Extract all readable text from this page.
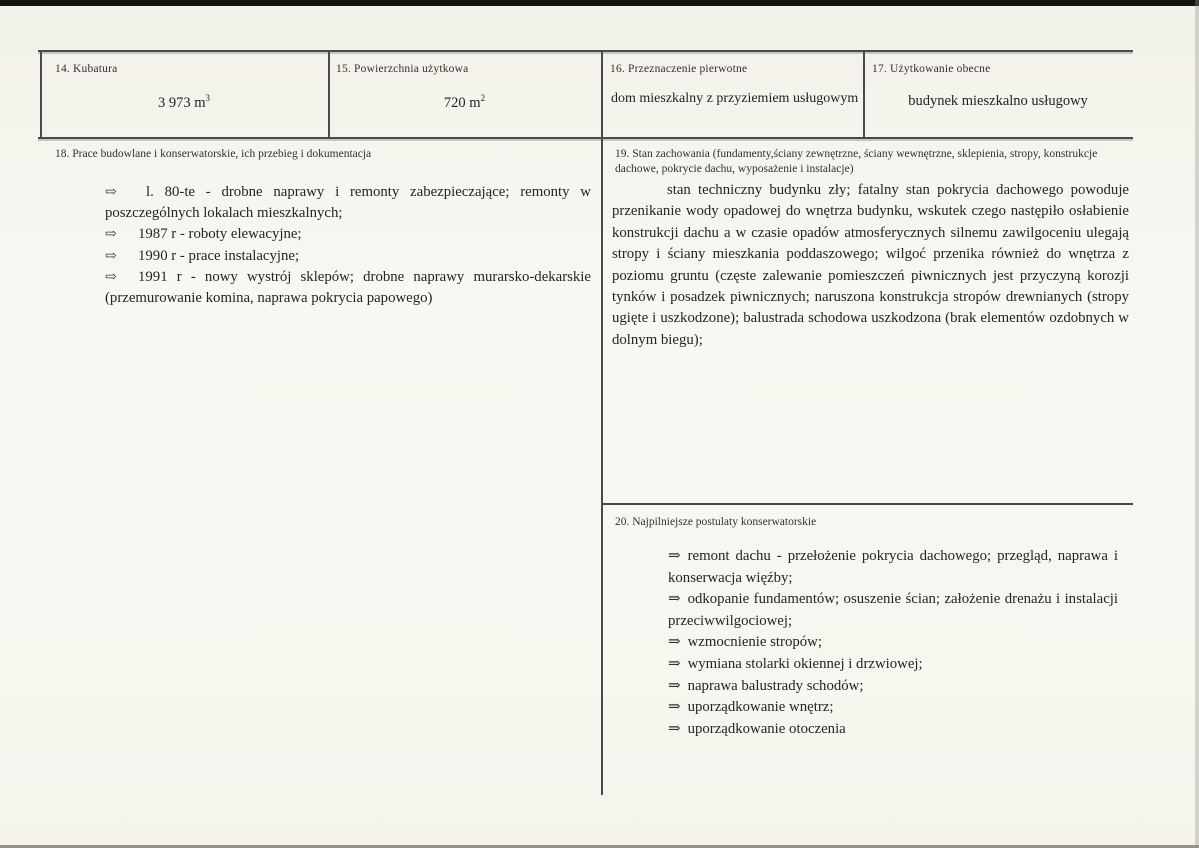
14. Kubatura
3 973 $m^3$
15. Powierzchnia użytkowa
720 $m^2$
16. Przeznaczenie pierwotne
dom mieszkalny z przyziemiem usługowym
17. Użytkowanie obecne
budynek mieszkalno usługowy
18. Prace budowlane i konserwatorskie, ich przebieg i dokumentacja
⇨ l. 80-te - drobne naprawy i remonty zabezpieczające; remonty w poszczególnych lokalach mieszkalnych;
⇨ 1987 r - roboty elewacyjne;
⇨ 1990 r - prace instalacyjne;
⇨ 1991 r - nowy wystrój sklepów; drobne naprawy murarsko-dekarskie (przemurowanie komina, naprawa pokrycia papowego)
19. Stan zachowania (fundamenty,ściany zewnętrzne, ściany wewnętrzne, sklepienia, stropy, konstrukcje dachowe, pokrycie dachu, wyposażenie i instalacje)
stan techniczny budynku zły; fatalny stan pokrycia dachowego powoduje przenikanie wody opadowej do wnętrza budynku, wskutek czego następiło osłabienie konstrukcji dachu a w czasie opadów atmosferycznych silnemu zawilgoceniu ulegają stropy i ściany mieszkania poddaszowego; wilgoć przenika również do wnętrza z poziomu gruntu (częste zalewanie pomieszczeń piwnicznych jest przyczyną korozji tynków i posadzek piwnicznych; naruszona konstrukcja stropów drewnianych (stropy ugięte i uszkodzone); balustrada schodowa uszkodzona (brak elementów ozdobnych w dolnym biegu);
20. Najpilniejsze postulaty konserwatorskie
⇒ remont dachu - przełożenie pokrycia dachowego; przegląd, naprawa i konserwacja więźby;
⇒ odkopanie fundamentów; osuszenie ścian; założenie drenażu i instalacji przeciwwilgociowej;
⇒ wzmocnienie stropów;
⇒ wymiana stolarki okiennej i drzwiowej;
⇒ naprawa balustrady schodów;
⇒ uporządkowanie wnętrz;
⇒ uporządkowanie otoczenia
